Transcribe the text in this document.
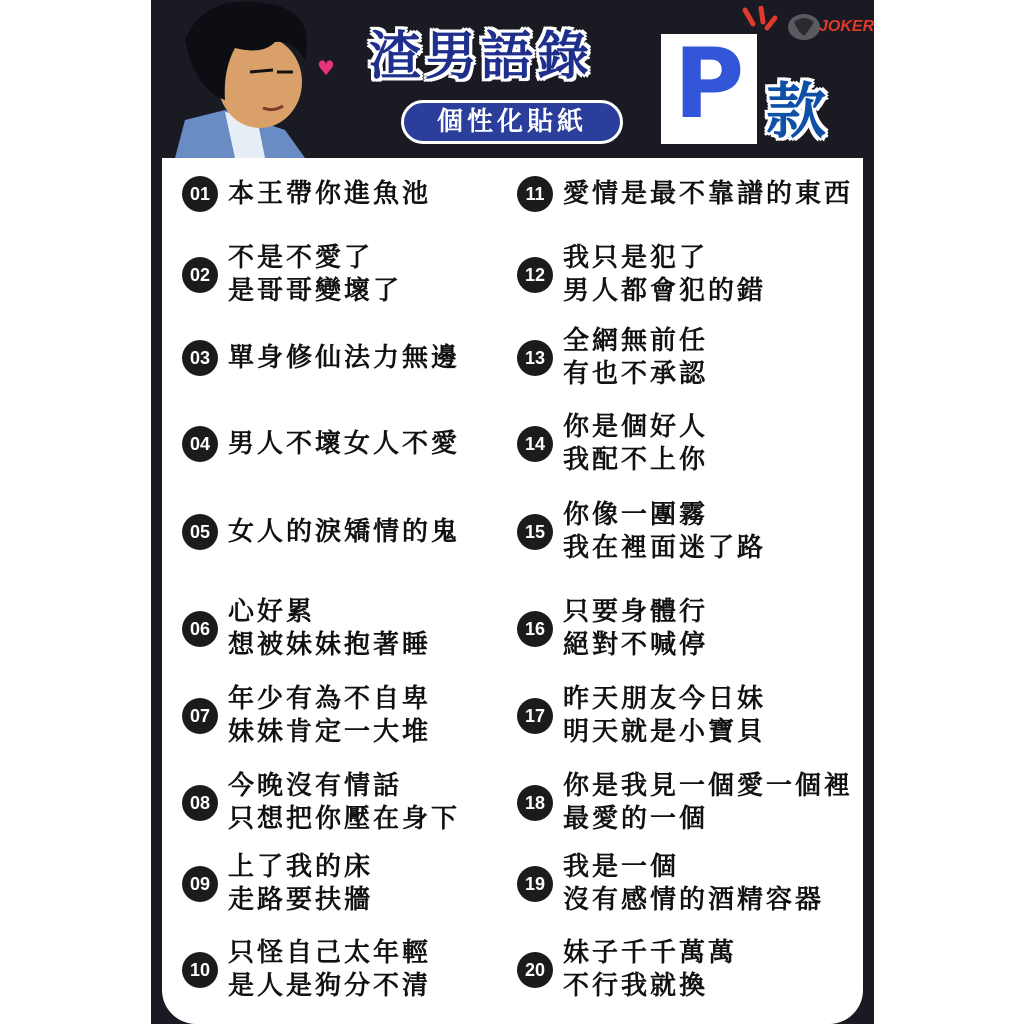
♥ 渣男語錄
個性化貼紙 P 款
JOKER
01 本王帶你進魚池
02
不是不愛了
是哥哥變壞了
03 單身修仙法力無邊
04 男人不壞女人不愛
05 女人的淚矯情的鬼
06
心好累
想被妹妹抱著睡
07
年少有為不自卑
妹妹肯定一大堆
08
今晚沒有情話
只想把你壓在身下
09
上了我的床
走路要扶牆
10
只怪自己太年輕
是人是狗分不清
11 愛情是最不靠譜的東西
12
我只是犯了
男人都會犯的錯
13
全網無前任
有也不承認
14
你是個好人
我配不上你
15
你像一團霧
我在裡面迷了路
16
只要身體行
絕對不喊停
17
昨天朋友今日妹
明天就是小寶貝
18
你是我見一個愛一個裡
最愛的一個
19
我是一個
沒有感情的酒精容器
20
妹子千千萬萬
不行我就換
